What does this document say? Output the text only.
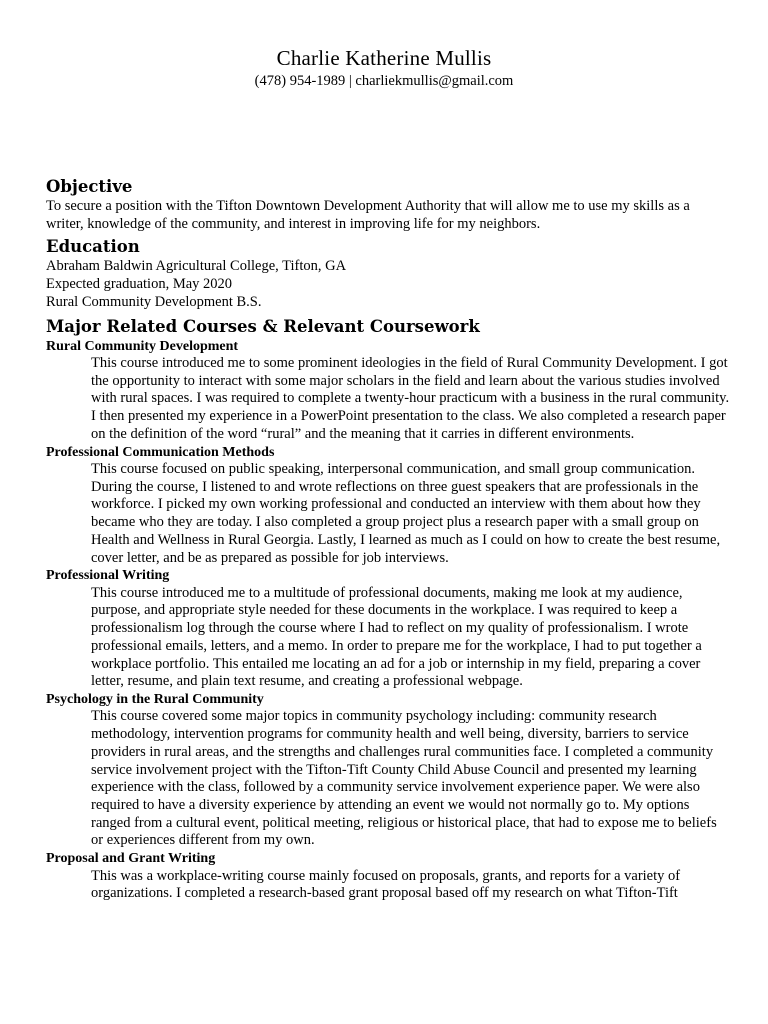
Charlie Katherine Mullis
(478) 954-1989 | charliekmullis@gmail.com
Objective

To secure a position with the Tifton Downtown Development Authority that will allow me to use my skills as a writer, knowledge of the community, and interest in improving life for my neighbors.

Education

Abraham Baldwin Agricultural College, Tifton, GA

Expected graduation, May 2020

Rural Community Development B.S.

Major Related Courses & Relevant Coursework
Rural Community Development

This course introduced me to some prominent ideologies in the field of Rural Community Development. I got the opportunity to interact with some major scholars in the field and learn about the various studies involved with rural spaces. I was required to complete a twenty-hour practicum with a business in the rural community. I then presented my experience in a PowerPoint presentation to the class. We also completed a research paper on the definition of the word “rural” and the meaning that it carries in different environments.

Professional Communication Methods

This course focused on public speaking, interpersonal communication, and small group communication. During the course, I listened to and wrote reflections on three guest speakers that are professionals in the workforce. I picked my own working professional and conducted an interview with them about how they became who they are today. I also completed a group project plus a research paper with a small group on Health and Wellness in Rural Georgia. Lastly, I learned as much as I could on how to create the best resume, cover letter, and be as prepared as possible for job interviews.

Professional Writing

This course introduced me to a multitude of professional documents, making me look at my audience, purpose, and appropriate style needed for these documents in the workplace. I was required to keep a professionalism log through the course where I had to reflect on my quality of professionalism. I wrote professional emails, letters, and a memo. In order to prepare me for the workplace, I had to put together a workplace portfolio. This entailed me locating an ad for a job or internship in my field, preparing a cover letter, resume, and plain text resume, and creating a professional webpage.

Psychology in the Rural Community

This course covered some major topics in community psychology including: community research methodology, intervention programs for community health and well being, diversity, barriers to service providers in rural areas, and the strengths and challenges rural communities face. I completed a community service involvement project with the Tifton-Tift County Child Abuse Council and presented my learning experience with the class, followed by a community service involvement experience paper. We were also required to have a diversity experience by attending an event we would not normally go to. My options ranged from a cultural event, political meeting, religious or historical place, that had to expose me to beliefs or experiences different from my own.

Proposal and Grant Writing

This was a workplace-writing course mainly focused on proposals, grants, and reports for a variety of organizations. I completed a research-based grant proposal based off my research on what Tifton-Tift
